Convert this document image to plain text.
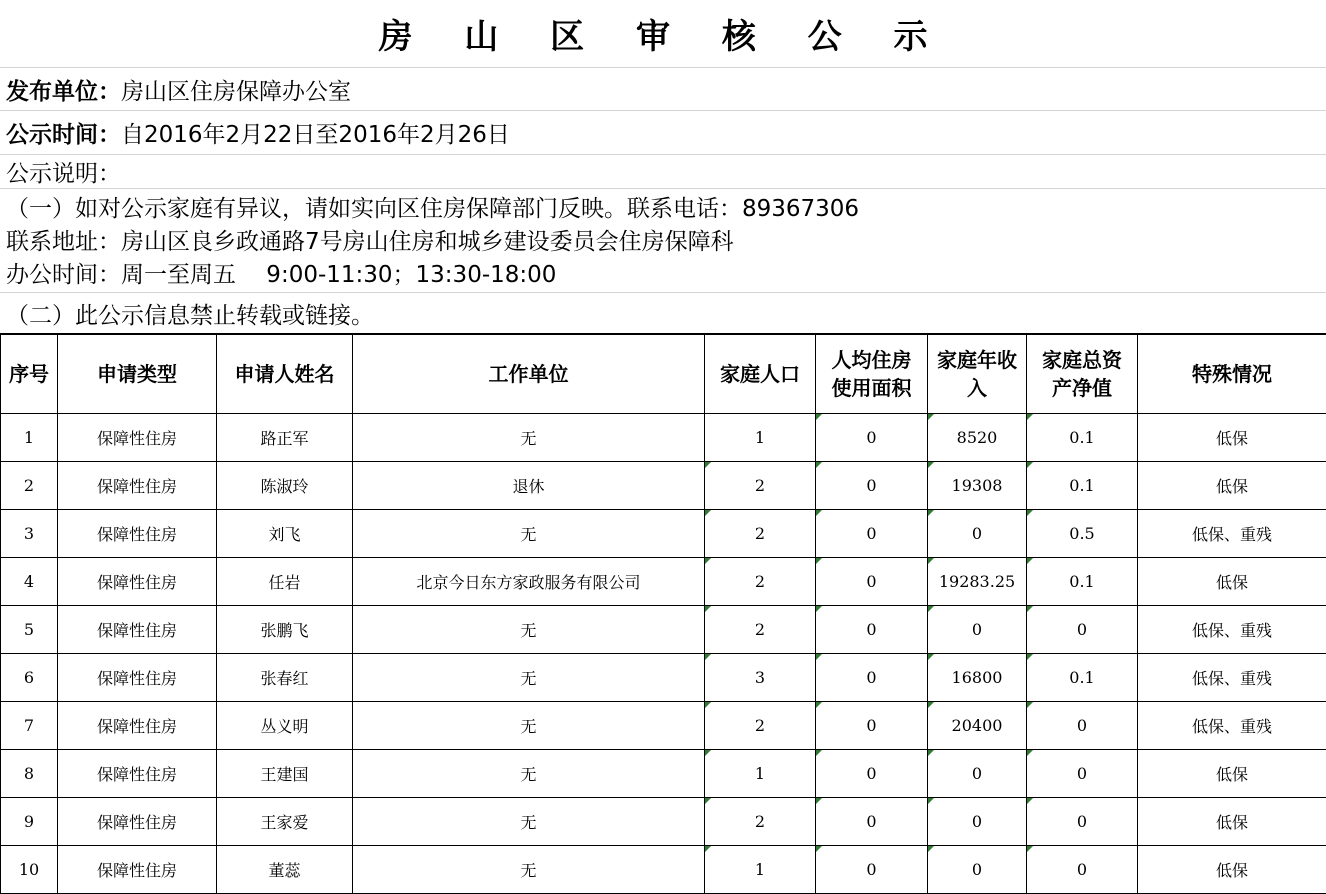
房 山 区 审 核 公 示
发布单位： 房山区住房保障办公室
公示时间： 自2016年2月22日至2016年2月26日
公示说明：
（一）如对公示家庭有异议，请如实向区住房保障部门反映。联系电话：89367306
联系地址：房山区良乡政通路7号房山住房和城乡建设委员会住房保障科
办公时间：周一至周五　 9:00-11:30；13:30-18:00
（二）此公示信息禁止转载或链接。
序号	申请类型	申请人姓名	工作单位	家庭人口	人均住房使用面积	家庭年收入	家庭总资产净值	特殊情况
1	保障性住房	路正军	无	1	0	8520	0.1	低保
2	保障性住房	陈淑玲	退休	2	0	19308	0.1	低保
3	保障性住房	刘飞	无	2	0	0	0.5	低保、重残
4	保障性住房	任岩	北京今日东方家政服务有限公司	2	0	19283.25	0.1	低保
5	保障性住房	张鹏飞	无	2	0	0	0	低保、重残
6	保障性住房	张春红	无	3	0	16800	0.1	低保、重残
7	保障性住房	丛义明	无	2	0	20400	0	低保、重残
8	保障性住房	王建国	无	1	0	0	0	低保
9	保障性住房	王家爱	无	2	0	0	0	低保
10	保障性住房	董蕊	无	1	0	0	0	低保
